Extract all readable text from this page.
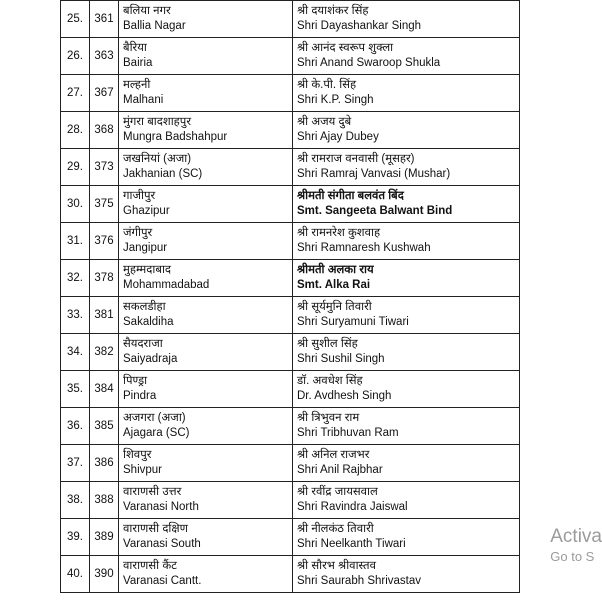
25.	361	बलिया नगर
Ballia Nagar	श्री दयाशंकर सिंह
Shri Dayashankar Singh

26.	363	बैरिया
Bairia	श्री आनंद स्वरूप शुक्ला
Shri Anand Swaroop Shukla

27.	367	मल्हनी
Malhani	श्री के.पी. सिंह
Shri K.P. Singh

28.	368	मुंगरा बादशाहपुर
Mungra Badshahpur	श्री अजय दुबे
Shri Ajay Dubey

29.	373	जखनियां (अजा)
Jakhanian (SC)	श्री रामराज वनवासी (मूसहर)
Shri Ramraj Vanvasi (Mushar)

30.	375	गाजीपुर
Ghazipur	श्रीमती संगीता बलवंत बिंद
Smt. Sangeeta Balwant Bind

31.	376	जंगीपुर
Jangipur	श्री रामनरेश कुशवाह
Shri Ramnaresh Kushwah

32.	378	मुहम्मदाबाद
Mohammadabad	श्रीमती अलका राय
Smt. Alka Rai

33.	381	सकलडीहा
Sakaldiha	श्री सूर्यमुनि तिवारी
Shri Suryamuni Tiwari

34.	382	सैयदराजा
Saiyadraja	श्री सुशील सिंह
Shri Sushil Singh

35.	384	पिण्ड्रा
Pindra	डॉ. अवधेश सिंह
Dr. Avdhesh Singh

36.	385	अजगरा (अजा)
Ajagara (SC)	श्री त्रिभुवन राम
Shri Tribhuvan Ram

37.	386	शिवपुर
Shivpur	श्री अनिल राजभर
Shri Anil Rajbhar

38.	388	वाराणसी उत्तर
Varanasi North	श्री रवींद्र जायसवाल
Shri Ravindra Jaiswal

39.	389	वाराणसी दक्षिण
Varanasi South	श्री नीलकंठ तिवारी
Shri Neelkanth Tiwari

40.	390	वाराणसी कैंट
Varanasi Cantt.	श्री सौरभ श्रीवास्तव
Shri Saurabh Shrivastav
Activa
Go to S
